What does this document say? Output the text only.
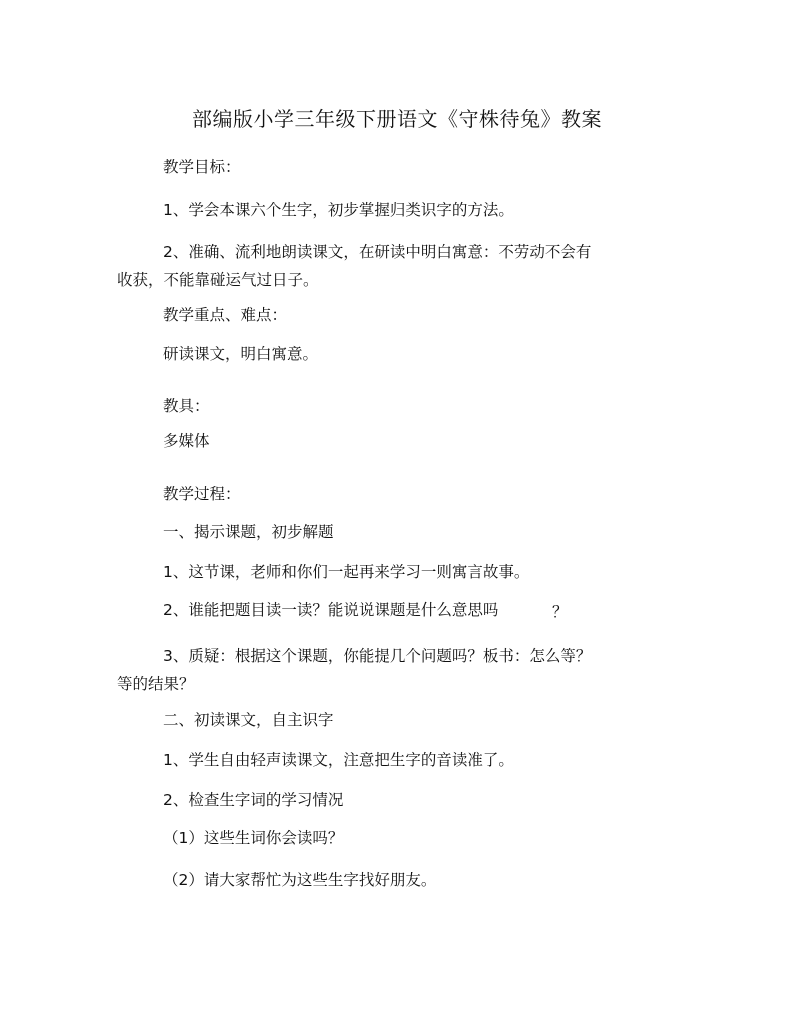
部编版小学三年级下册语文《守株待兔》教案
教学目标：
1、学会本课六个生字，初步掌握归类识字的方法。
2、准确、流利地朗读课文，在研读中明白寓意：不劳动不会有
收获，不能靠碰运气过日子。
教学重点、难点：
研读课文，明白寓意。
教具：
多媒体
教学过程：
一、揭示课题，初步解题
1、这节课，老师和你们一起再来学习一则寓言故事。
2、谁能把题目读一读？能说说课题是什么意思吗	？
3、质疑：根据这个课题，你能提几个问题吗？板书：怎么等？
等的结果？
二、初读课文，自主识字
1、学生自由轻声读课文，注意把生字的音读准了。
2、检查生字词的学习情况
（1）这些生词你会读吗？
（2）请大家帮忙为这些生字找好朋友。
